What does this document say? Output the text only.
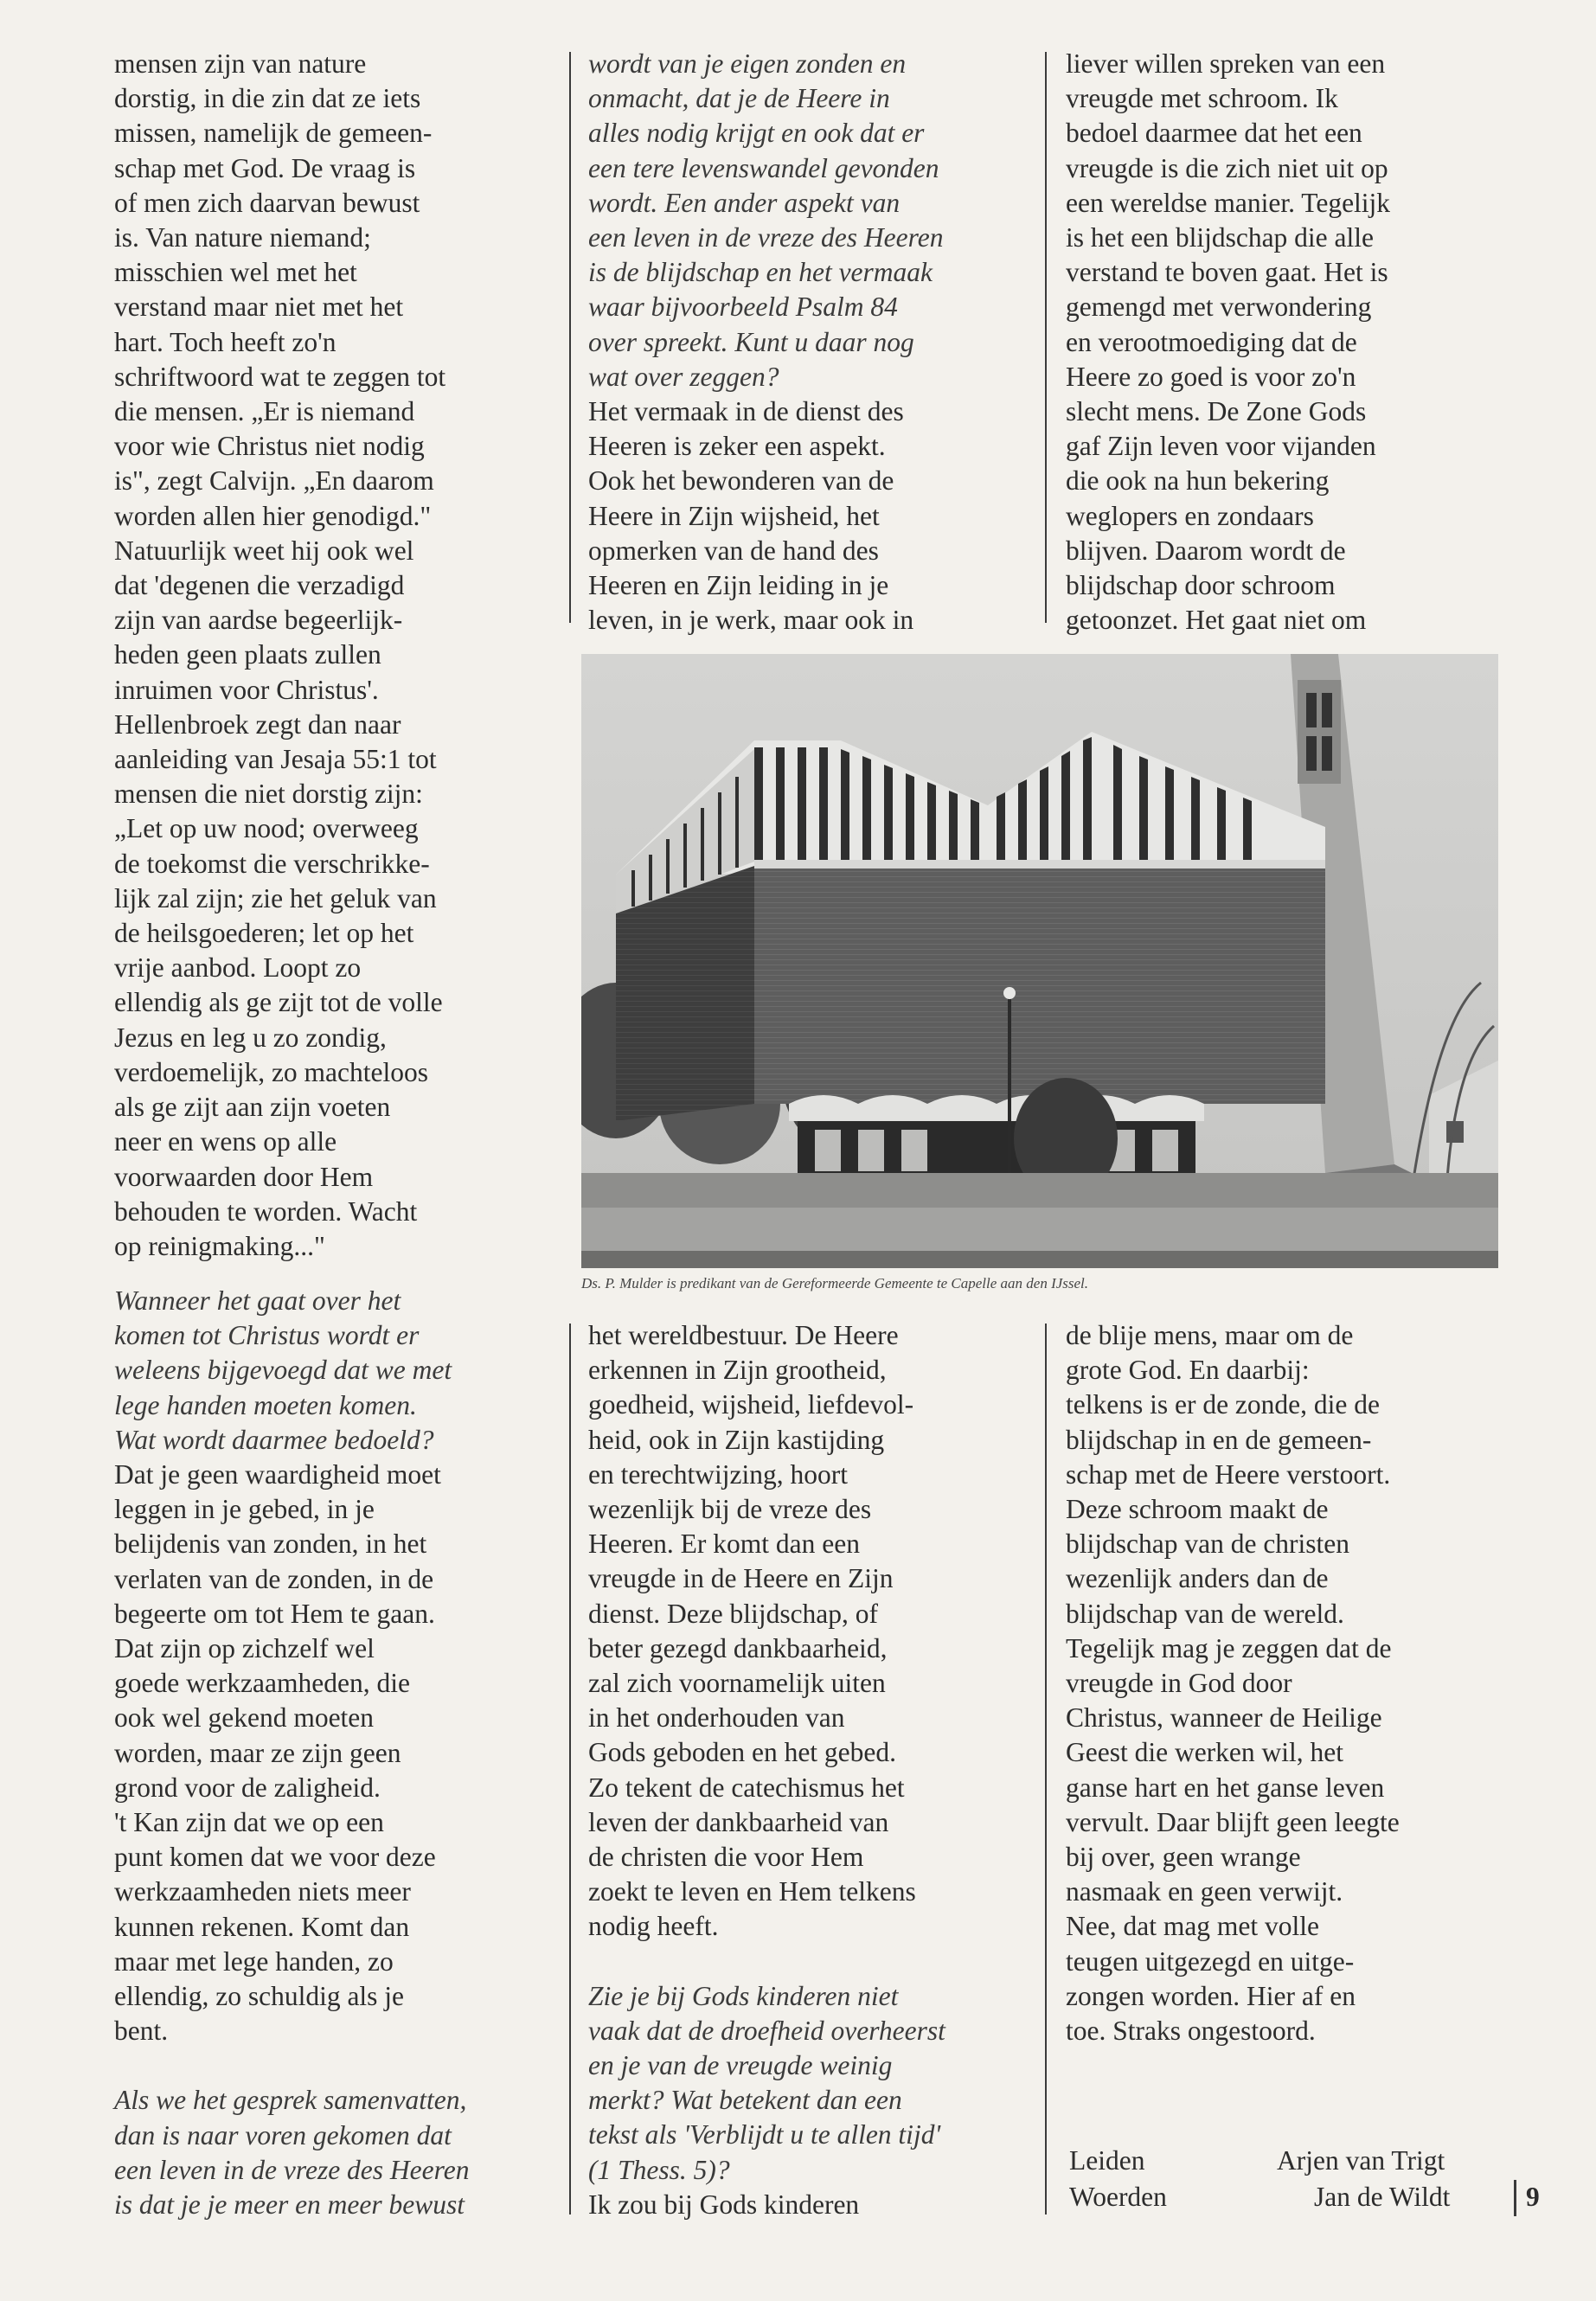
mensen zijn van nature
dorstig, in die zin dat ze iets
missen, namelijk de gemeen-
schap met God. De vraag is
of men zich daarvan bewust
is. Van nature niemand;
misschien wel met het
verstand maar niet met het
hart. Toch heeft zo'n
schriftwoord wat te zeggen tot
die mensen. „Er is niemand
voor wie Christus niet nodig
is", zegt Calvijn. „En daarom
worden allen hier genodigd."
Natuurlijk weet hij ook wel
dat 'degenen die verzadigd
zijn van aardse begeerlijk-
heden geen plaats zullen
inruimen voor Christus'.
Hellenbroek zegt dan naar
aanleiding van Jesaja 55:1 tot
mensen die niet dorstig zijn:
„Let op uw nood; overweeg
de toekomst die verschrikke-
lijk zal zijn; zie het geluk van
de heilsgoederen; let op het
vrije aanbod. Loopt zo
ellendig als ge zijt tot de volle
Jezus en leg u zo zondig,
verdoemelijk, zo machteloos
als ge zijt aan zijn voeten
neer en wens op alle
voorwaarden door Hem
behouden te worden. Wacht
op reinigmaking..."
Wanneer het gaat over het
komen tot Christus wordt er
weleens bijgevoegd dat we met
lege handen moeten komen.
Wat wordt daarmee bedoeld?
Dat je geen waardigheid moet
leggen in je gebed, in je
belijdenis van zonden, in het
verlaten van de zonden, in de
begeerte om tot Hem te gaan.
Dat zijn op zichzelf wel
goede werkzaamheden, die
ook wel gekend moeten
worden, maar ze zijn geen
grond voor de zaligheid.
't Kan zijn dat we op een
punt komen dat we voor deze
werkzaamheden niets meer
kunnen rekenen. Komt dan
maar met lege handen, zo
ellendig, zo schuldig als je
bent.
Als we het gesprek samenvatten,
dan is naar voren gekomen dat
een leven in de vreze des Heeren
is dat je je meer en meer bewust
wordt van je eigen zonden en
onmacht, dat je de Heere in
alles nodig krijgt en ook dat er
een tere levenswandel gevonden
wordt. Een ander aspekt van
een leven in de vreze des Heeren
is de blijdschap en het vermaak
waar bijvoorbeeld Psalm 84
over spreekt. Kunt u daar nog
wat over zeggen?
Het vermaak in de dienst des
Heeren is zeker een aspekt.
Ook het bewonderen van de
Heere in Zijn wijsheid, het
opmerken van de hand des
Heeren en Zijn leiding in je
leven, in je werk, maar ook in
het wereldbestuur. De Heere
erkennen in Zijn grootheid,
goedheid, wijsheid, liefdevol-
heid, ook in Zijn kastijding
en terechtwijzing, hoort
wezenlijk bij de vreze des
Heeren. Er komt dan een
vreugde in de Heere en Zijn
dienst. Deze blijdschap, of
beter gezegd dankbaarheid,
zal zich voornamelijk uiten
in het onderhouden van
Gods geboden en het gebed.
Zo tekent de catechismus het
leven der dankbaarheid van
de christen die voor Hem
zoekt te leven en Hem telkens
nodig heeft.
Zie je bij Gods kinderen niet
vaak dat de droefheid overheerst
en je van de vreugde weinig
merkt? Wat betekent dan een
tekst als 'Verblijdt u te allen tijd'
(1 Thess. 5)?
Ik zou bij Gods kinderen
liever willen spreken van een
vreugde met schroom. Ik
bedoel daarmee dat het een
vreugde is die zich niet uit op
een wereldse manier. Tegelijk
is het een blijdschap die alle
verstand te boven gaat. Het is
gemengd met verwondering
en verootmoediging dat de
Heere zo goed is voor zo'n
slecht mens. De Zone Gods
gaf Zijn leven voor vijanden
die ook na hun bekering
weglopers en zondaars
blijven. Daarom wordt de
blijdschap door schroom
getoonzet. Het gaat niet om
de blije mens, maar om de
grote God. En daarbij:
telkens is er de zonde, die de
blijdschap in en de gemeen-
schap met de Heere verstoort.
Deze schroom maakt de
blijdschap van de christen
wezenlijk anders dan de
blijdschap van de wereld.
Tegelijk mag je zeggen dat de
vreugde in God door
Christus, wanneer de Heilige
Geest die werken wil, het
ganse hart en het ganse leven
vervult. Daar blijft geen leegte
bij over, geen wrange
nasmaak en geen verwijt.
Nee, dat mag met volle
teugen uitgezegd en uitge-
zongen worden. Hier af en
toe. Straks ongestoord.
Ds. P. Mulder is predikant van de Gereformeerde Gemeente te Capelle aan den IJssel.
Leiden	Arjen van Trigt
Woerden	Jan de Wildt	9
